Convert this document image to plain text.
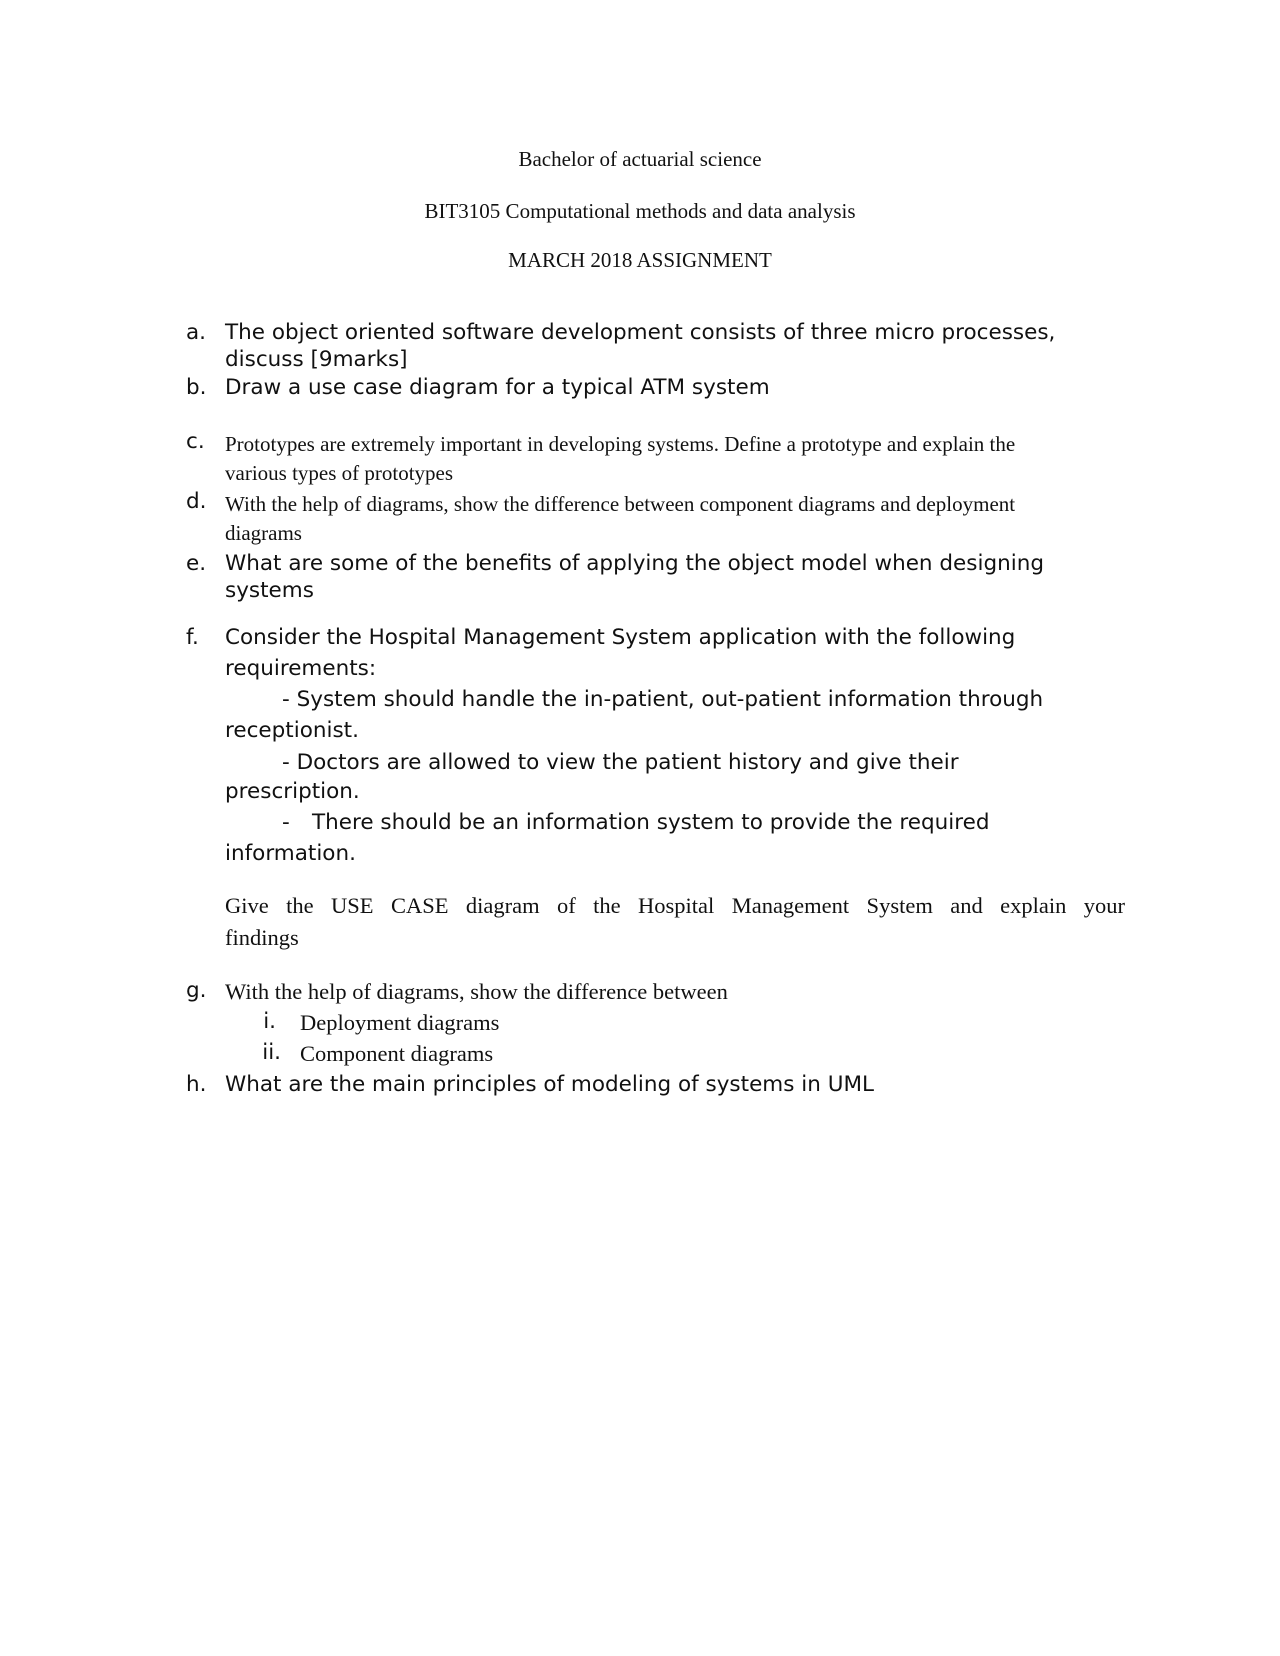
Bachelor of actuarial science
BIT3105 Computational methods and data analysis
MARCH 2018 ASSIGNMENT
a. The object oriented software development consists of three micro processes,
discuss [9marks]
b. Draw a use case diagram for a typical ATM system
c. Prototypes are extremely important in developing systems. Define a prototype and explain the
various types of prototypes
d. With the help of diagrams, show the difference between component diagrams and deployment
diagrams
e. What are some of the benefits of applying the object model when designing
systems
f.	Consider the Hospital Management System application with the following
requirements:
- System should handle the in-patient, out-patient information through
receptionist.
- Doctors are allowed to view the patient history and give their
prescription.
- There should be an information system to provide the required
information.
Give the USE CASE diagram of the Hospital Management System and explain your
findings
g. With the help of diagrams, show the difference between
i. Deployment diagrams
ii. Component diagrams
h. What are the main principles of modeling of systems in UML
